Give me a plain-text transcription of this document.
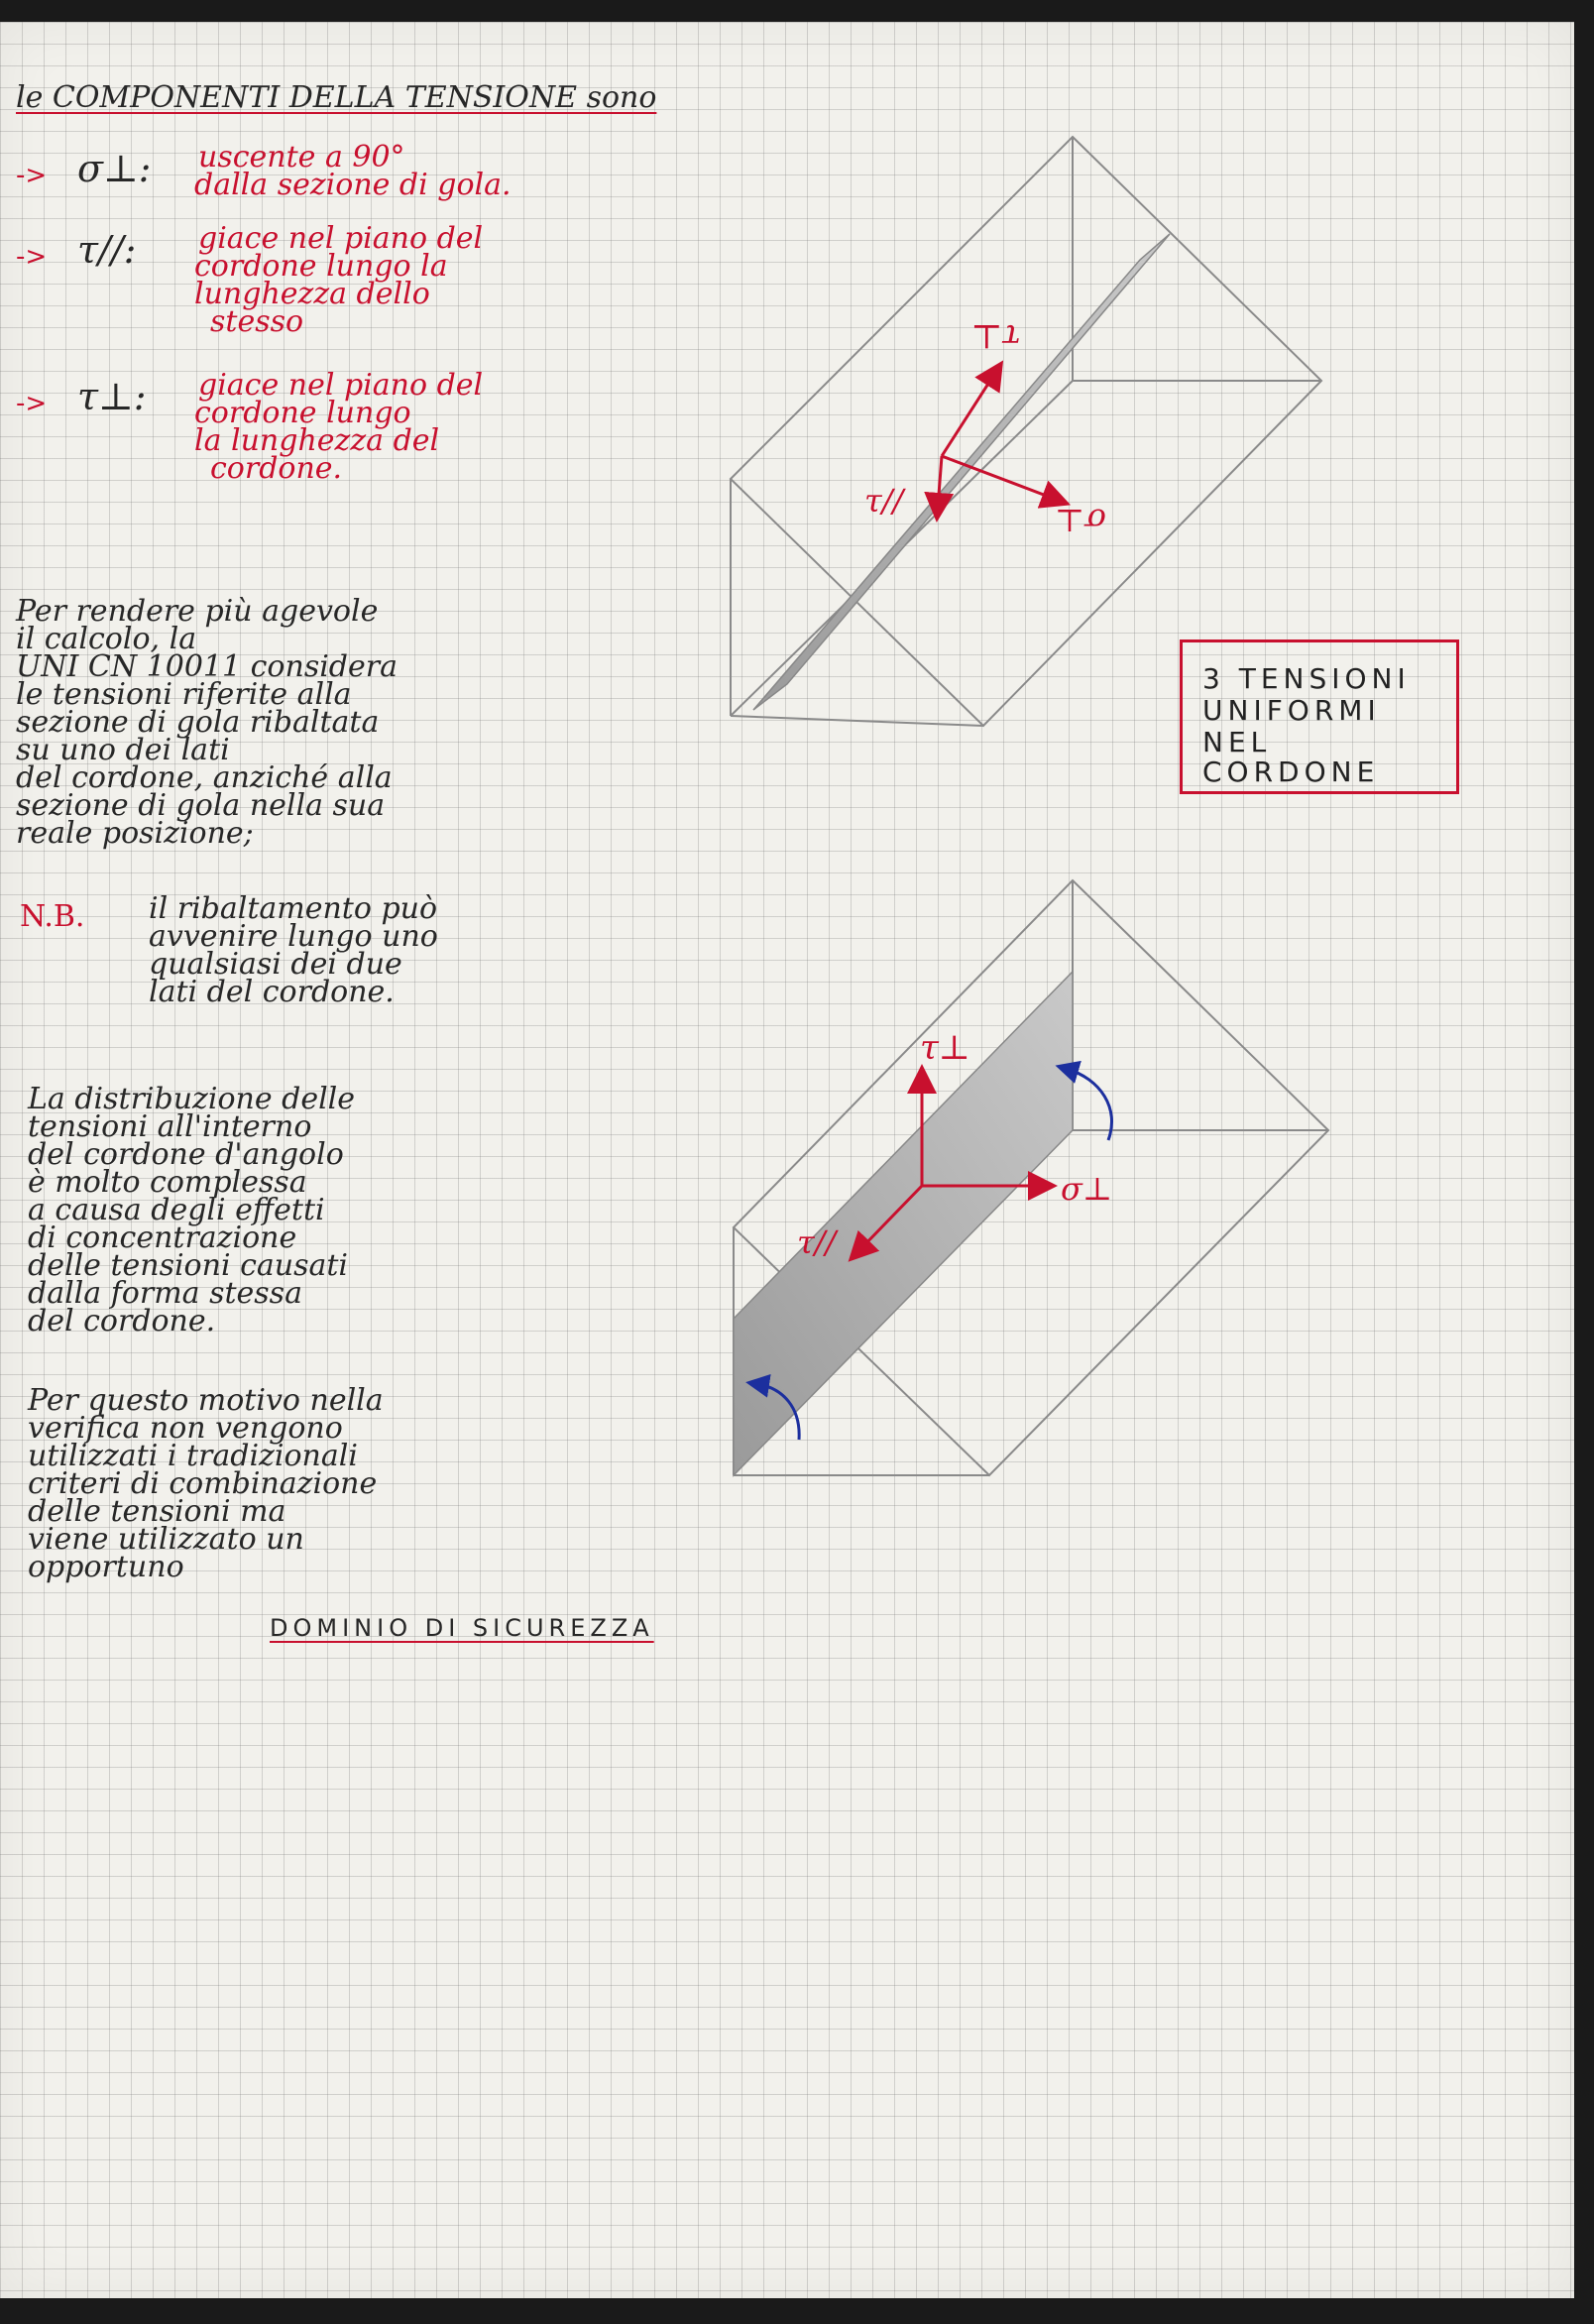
le COMPONENTI DELLA TENSIONE sono
-> σ⊥: uscente a 90°
dalla sezione di gola.
-> τ//: giace nel piano del
cordone lungo la
lunghezza dello
stesso
-> τ⊥: giace nel piano del
cordone lungo
la lunghezza del
cordone.
Per rendere più agevole
il calcolo, la
UNI CN 10011 considera
le tensioni riferite alla
sezione di gola ribaltata
su uno dei lati
del cordone, anziché alla
sezione di gola nella sua
reale posizione;
N.B. il ribaltamento può
avvenire lungo uno
qualsiasi dei due
lati del cordone.
La distribuzione delle
tensioni all'interno
del cordone d'angolo
è molto complessa
a causa degli effetti
di concentrazione
delle tensioni causati
dalla forma stessa
del cordone.
Per questo motivo nella
verifica non vengono
utilizzati i tradizionali
criteri di combinazione
delle tensioni ma
viene utilizzato un
opportuno
DOMINIO DI SICUREZZA
3 TENSIONI
UNIFORMI
NEL
CORDONE
τ⊥
τ//
σ⊥
τ⊥
τ//
σ⊥
